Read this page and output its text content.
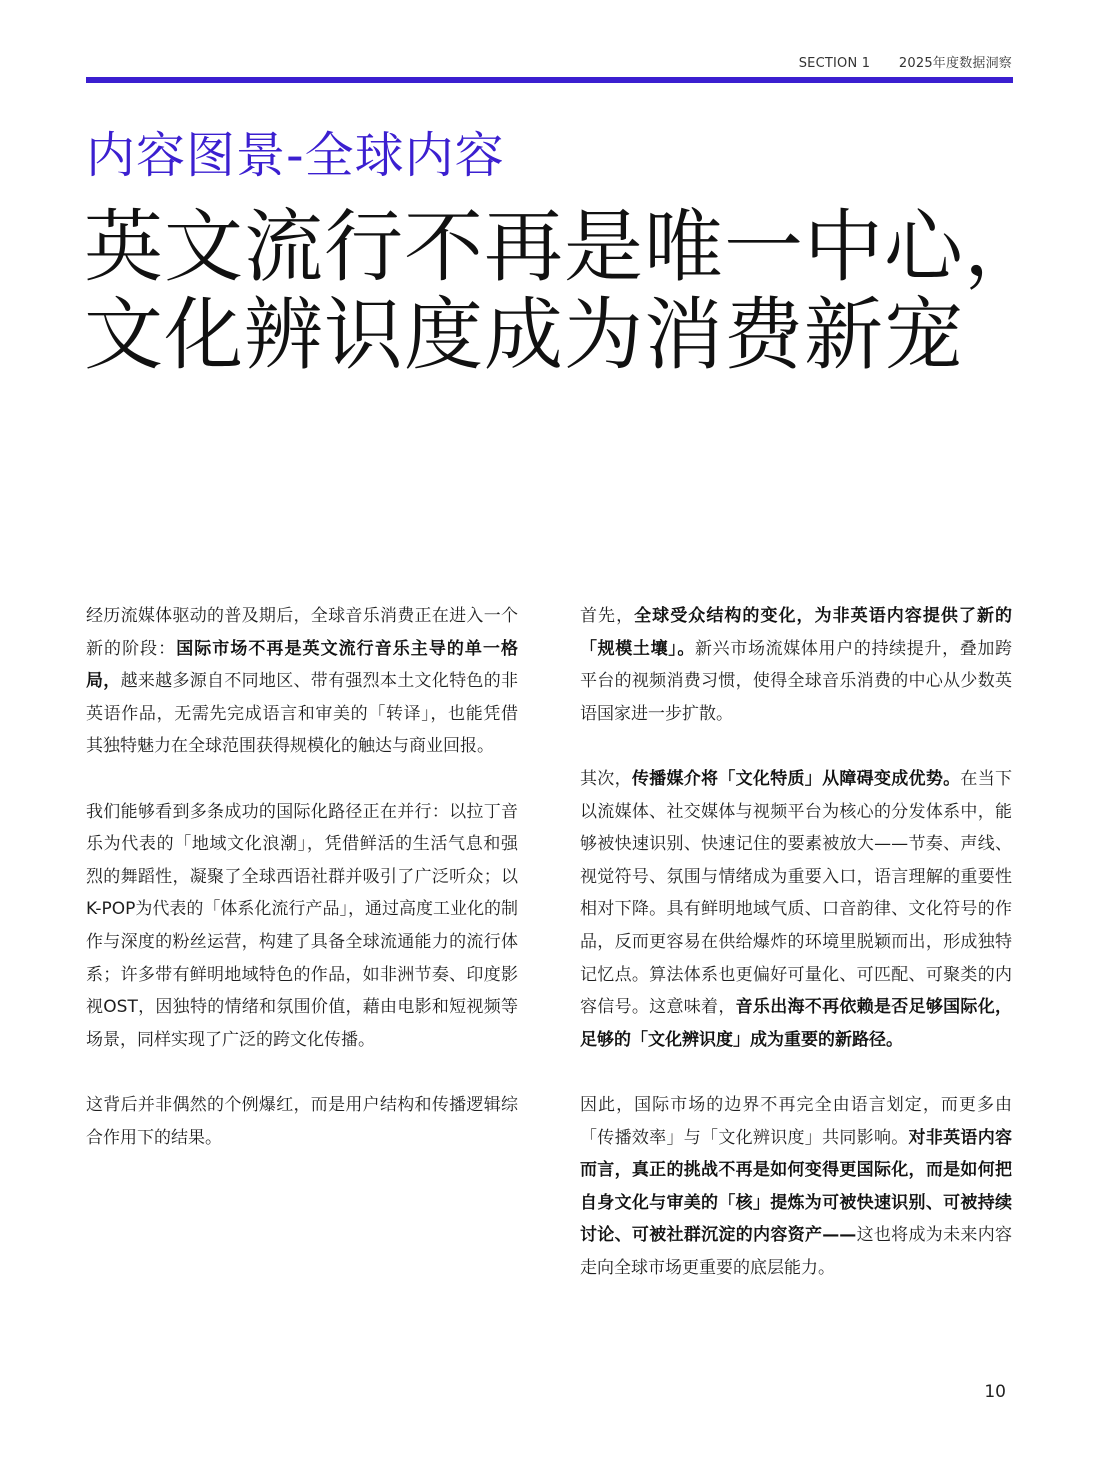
SECTION 1 2025年度数据洞察
内容图景-全球内容
英文流行不再是唯一中心，
文化辨识度成为消费新宠

经历流媒体驱动的普及期后，全球音乐消费正在进入一个新的阶段：国际市场不再是英文流行音乐主导的单一格局，越来越多源自不同地区、带有强烈本土文化特色的非英语作品，无需先完成语言和审美的「转译」，也能凭借其独特魅力在全球范围获得规模化的触达与商业回报。

我们能够看到多条成功的国际化路径正在并行：以拉丁音乐为代表的「地域文化浪潮」，凭借鲜活的生活气息和强烈的舞蹈性，凝聚了全球西语社群并吸引了广泛听众；以K-POP为代表的「体系化流行产品」，通过高度工业化的制作与深度的粉丝运营，构建了具备全球流通能力的流行体系；许多带有鲜明地域特色的作品，如非洲节奏、印度影视OST，因独特的情绪和氛围价值，藉由电影和短视频等场景，同样实现了广泛的跨文化传播。

这背后并非偶然的个例爆红，而是用户结构和传播逻辑综合作用下的结果。

首先，全球受众结构的变化，为非英语内容提供了新的「规模土壤」。新兴市场流媒体用户的持续提升，叠加跨平台的视频消费习惯，使得全球音乐消费的中心从少数英语国家进一步扩散。

其次，传播媒介将「文化特质」从障碍变成优势。在当下以流媒体、社交媒体与视频平台为核心的分发体系中，能够被快速识别、快速记住的要素被放大——节奏、声线、视觉符号、氛围与情绪成为重要入口，语言理解的重要性相对下降。具有鲜明地域气质、口音韵律、文化符号的作品，反而更容易在供给爆炸的环境里脱颖而出，形成独特记忆点。算法体系也更偏好可量化、可匹配、可聚类的内容信号。这意味着，音乐出海不再依赖是否足够国际化，足够的「文化辨识度」成为重要的新路径。

因此，国际市场的边界不再完全由语言划定，而更多由「传播效率」与「文化辨识度」共同影响。对非英语内容而言，真正的挑战不再是如何变得更国际化，而是如何把自身文化与审美的「核」提炼为可被快速识别、可被持续讨论、可被社群沉淀的内容资产——这也将成为未来内容走向全球市场更重要的底层能力。

10
